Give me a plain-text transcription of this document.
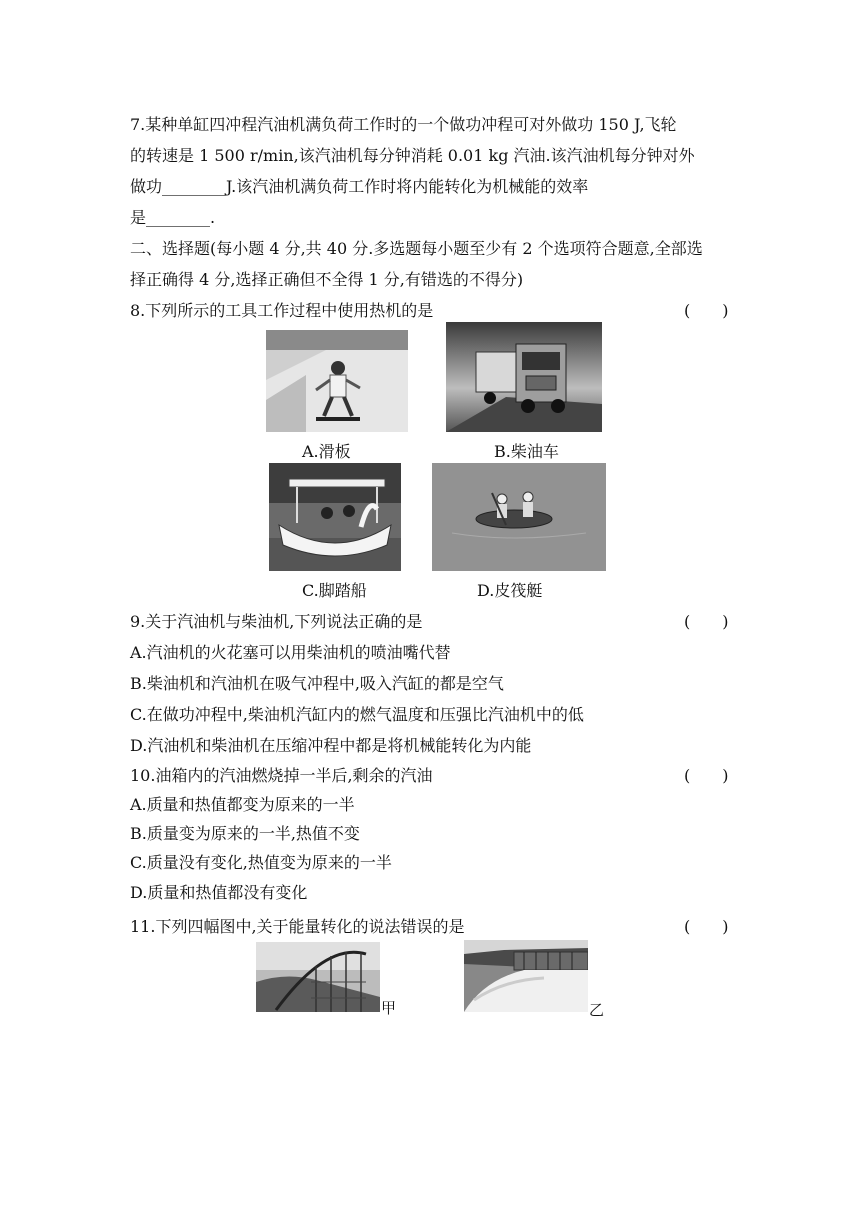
7.某种单缸四冲程汽油机满负荷工作时的一个做功冲程可对外做功 150 J,飞轮
的转速是 1 500 r/min,该汽油机每分钟消耗 0.01 kg 汽油.该汽油机每分钟对外
做功________J.该汽油机满负荷工作时将内能转化为机械能的效率
是________.
二、选择题(每小题 4 分,共 40 分.多选题每小题至少有 2 个选项符合题意,全部选
择正确得 4 分,选择正确但不全得 1 分,有错选的不得分)
8.下列所示的工具工作过程中使用热机的是	(　　)
A.滑板	B.柴油车
C.脚踏船	D.皮筏艇
9.关于汽油机与柴油机,下列说法正确的是	(　　)
A.汽油机的火花塞可以用柴油机的喷油嘴代替
B.柴油机和汽油机在吸气冲程中,吸入汽缸的都是空气
C.在做功冲程中,柴油机汽缸内的燃气温度和压强比汽油机中的低
D.汽油机和柴油机在压缩冲程中都是将机械能转化为内能
10.油箱内的汽油燃烧掉一半后,剩余的汽油	(　　)
A.质量和热值都变为原来的一半
B.质量变为原来的一半,热值不变
C.质量没有变化,热值变为原来的一半
D.质量和热值都没有变化
11.下列四幅图中,关于能量转化的说法错误的是	(　　)
甲	乙
